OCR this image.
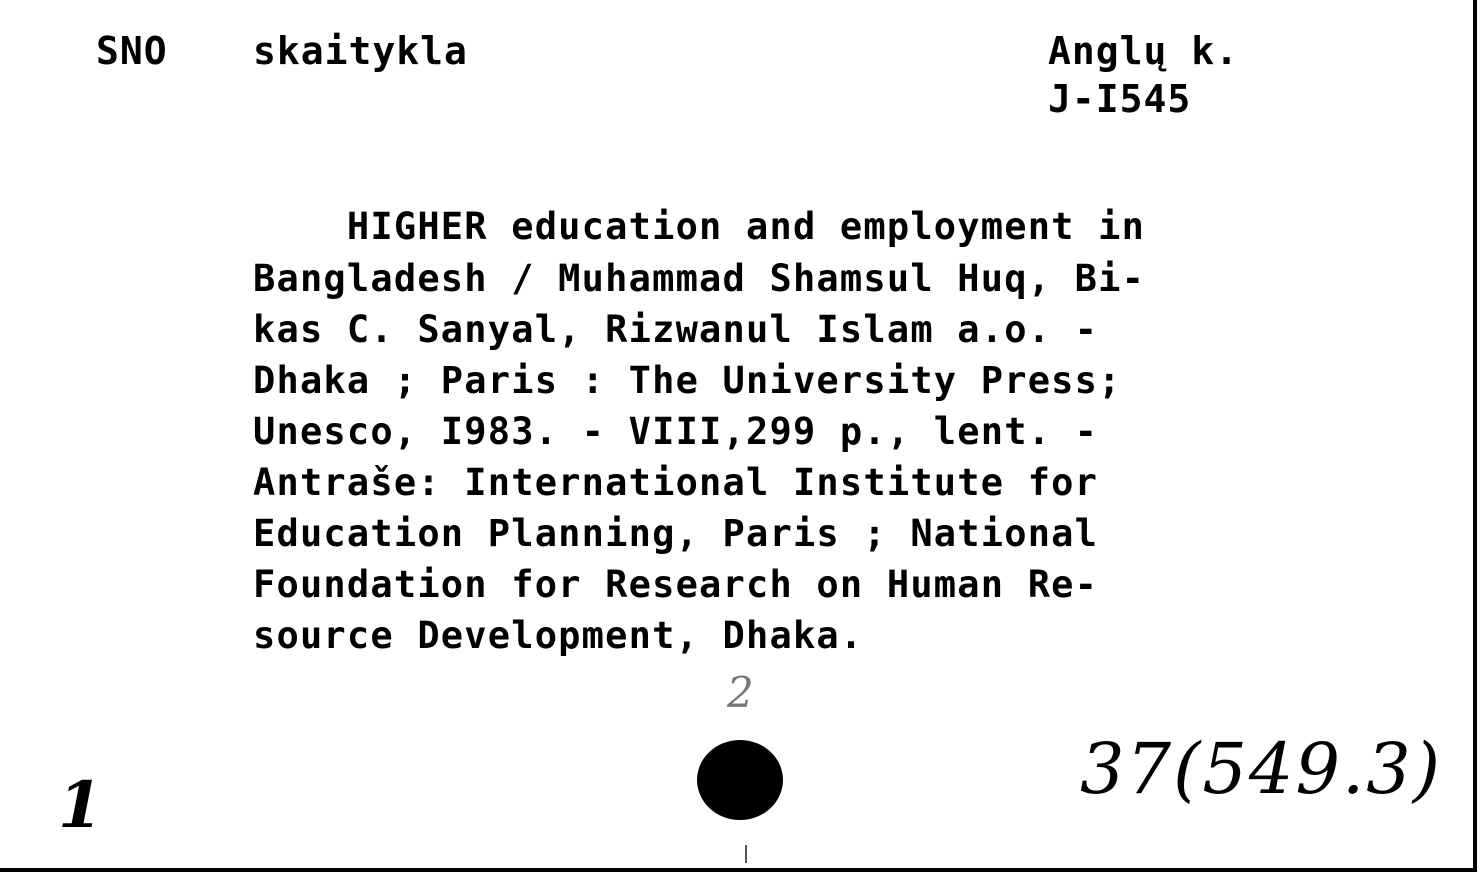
SNO skaitykla	Anglų k.
J-I545
HIGHER education and employment in
Bangladesh / Muhammad Shamsul Huq, Bi-
kas C. Sanyal, Rizwanul Islam a.o. -
Dhaka ; Paris : The University Press;
Unesco, I983. - VIII,299 p., lent. -
Antraše: International Institute for
Education Planning, Paris ; National
Foundation for Research on Human Re-
source Development, Dhaka.
2
1	37(549.3)
